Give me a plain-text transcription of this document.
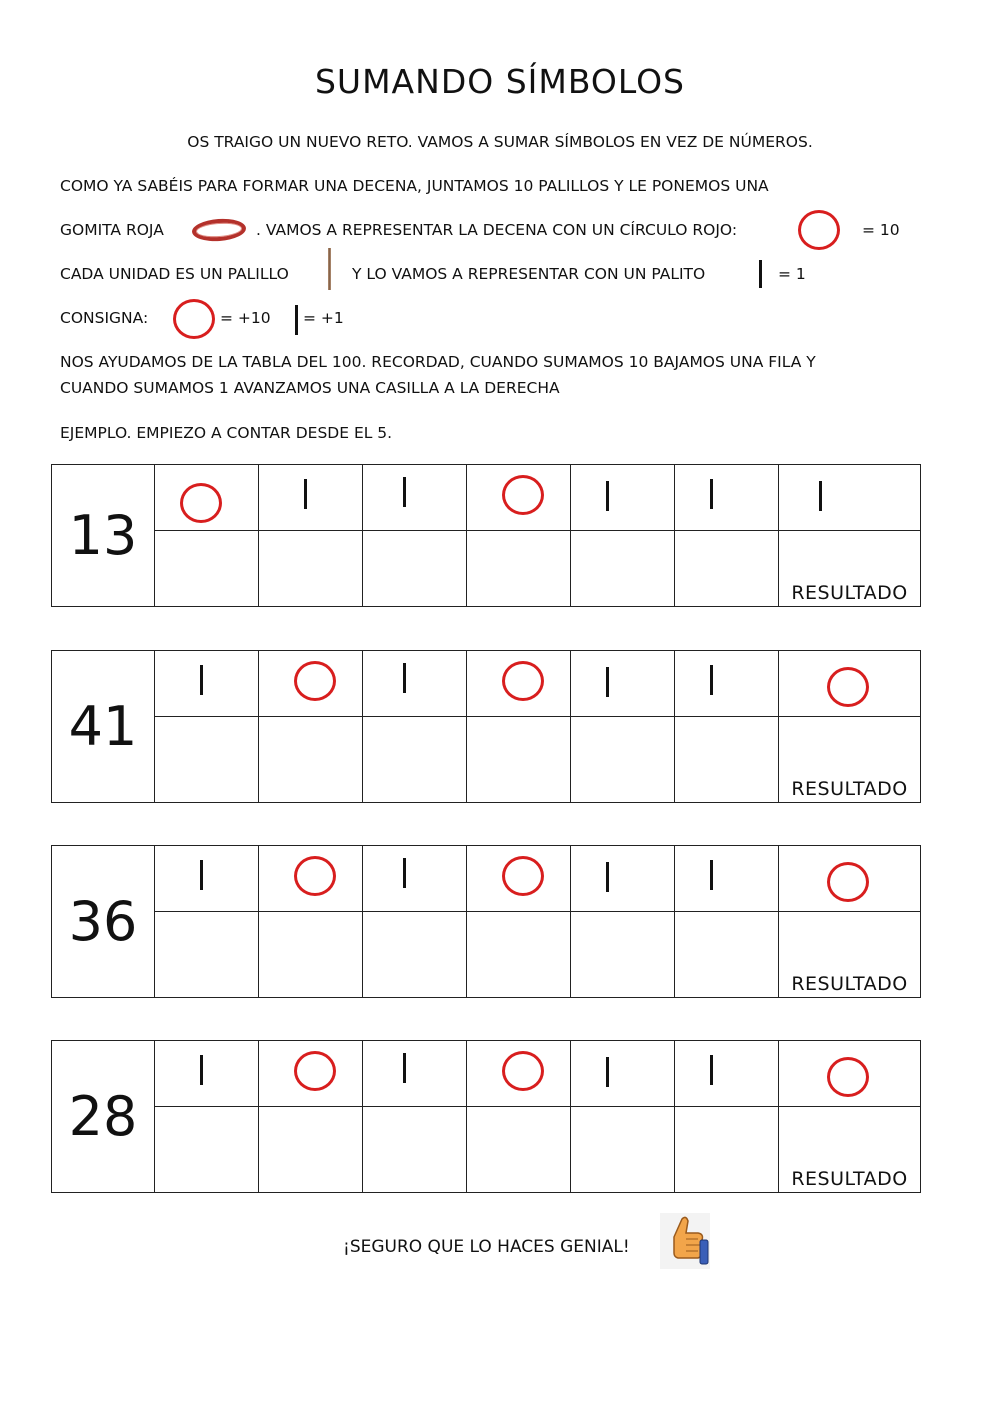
SUMANDO SÍMBOLOS
OS TRAIGO UN NUEVO RETO. VAMOS A SUMAR SÍMBOLOS EN VEZ DE NÚMEROS.
COMO YA SABÉIS PARA FORMAR UNA DECENA, JUNTAMOS 10 PALILLOS Y LE PONEMOS UNA
GOMITA ROJA	. VAMOS A REPRESENTAR LA DECENA CON UN CÍRCULO ROJO:	= 10
CADA UNIDAD ES UN PALILLO	Y LO VAMOS A REPRESENTAR CON UN PALITO	= 1
CONSIGNA:	= +10 = +1
NOS AYUDAMOS DE LA TABLA DEL 100. RECORDAD, CUANDO SUMAMOS 10 BAJAMOS UNA FILA Y
CUANDO SUMAMOS 1 AVANZAMOS UNA CASILLA A LA DERECHA
EJEMPLO. EMPIEZO A CONTAR DESDE EL 5.
13	

							RESULTADO
41	

							RESULTADO
36	

							RESULTADO
28	

							RESULTADO
¡SEGURO QUE LO HACES GENIAL!
